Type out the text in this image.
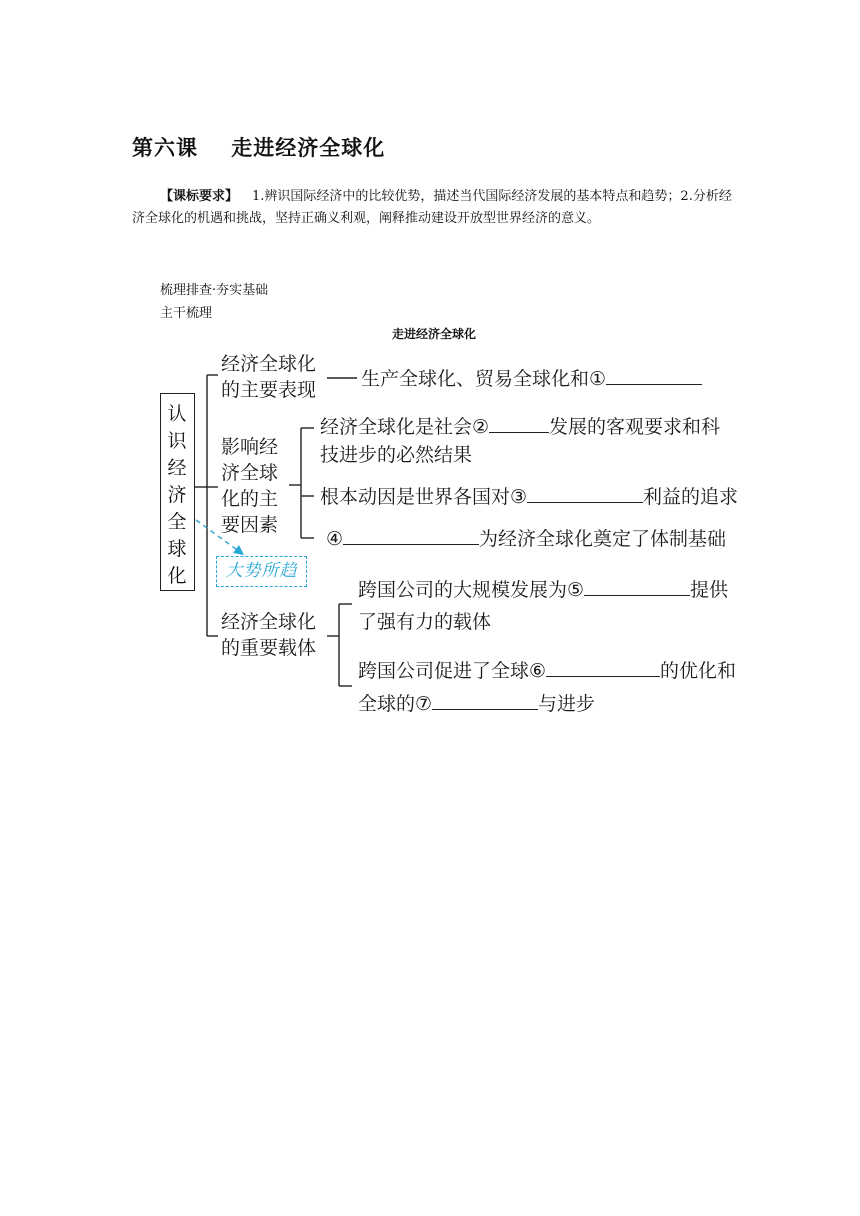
第六课    走进经济全球化
【课标要求】 1.辨识国际经济中的比较优势，描述当代国际经济发展的基本特点和趋势；2.分析经济全球化的机遇和挑战，坚持正确义利观，阐释推动建设开放型世界经济的意义。
梳理排查·夯实基础
主干梳理
走进经济全球化
认识经济全球化	大势所趋
经济全球化
的主要表现 生产全球化、贸易全球化和①
影响经
济全球
化的主
要因素
经济全球化是社会②	发展的客观要求和科
技进步的必然结果
根本动因是世界各国对③	利益的追求
④	为经济全球化奠定了体制基础
经济全球化
的重要载体
跨国公司的大规模发展为⑤	提供
了强有力的载体
跨国公司促进了全球⑥	的优化和
全球的⑦	与进步
